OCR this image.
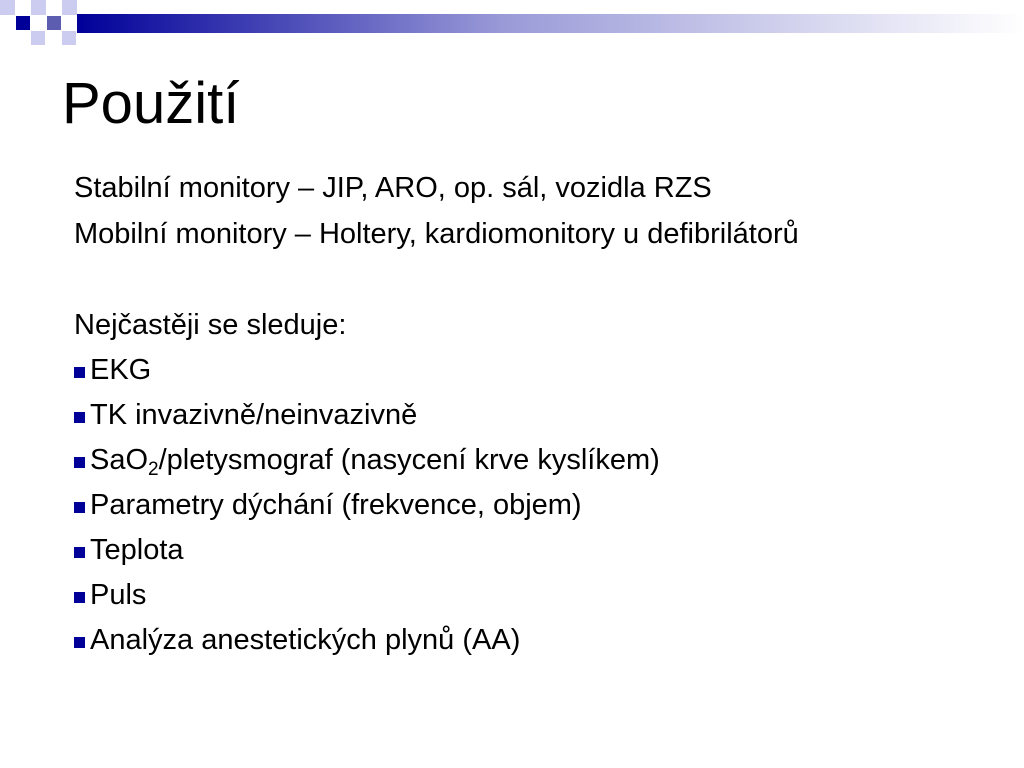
Použití
Stabilní monitory – JIP, ARO, op. sál, vozidla RZS
Mobilní monitory – Holtery, kardiomonitory u defibrilátorů
Nejčastěji se sleduje:
EKG
TK invazivně/neinvazivně
SaO$_2$/pletysmograf (nasycení krve kyslíkem)
Parametry dýchání (frekvence, objem)
Teplota
Puls
Analýza anestetických plynů (AA)
